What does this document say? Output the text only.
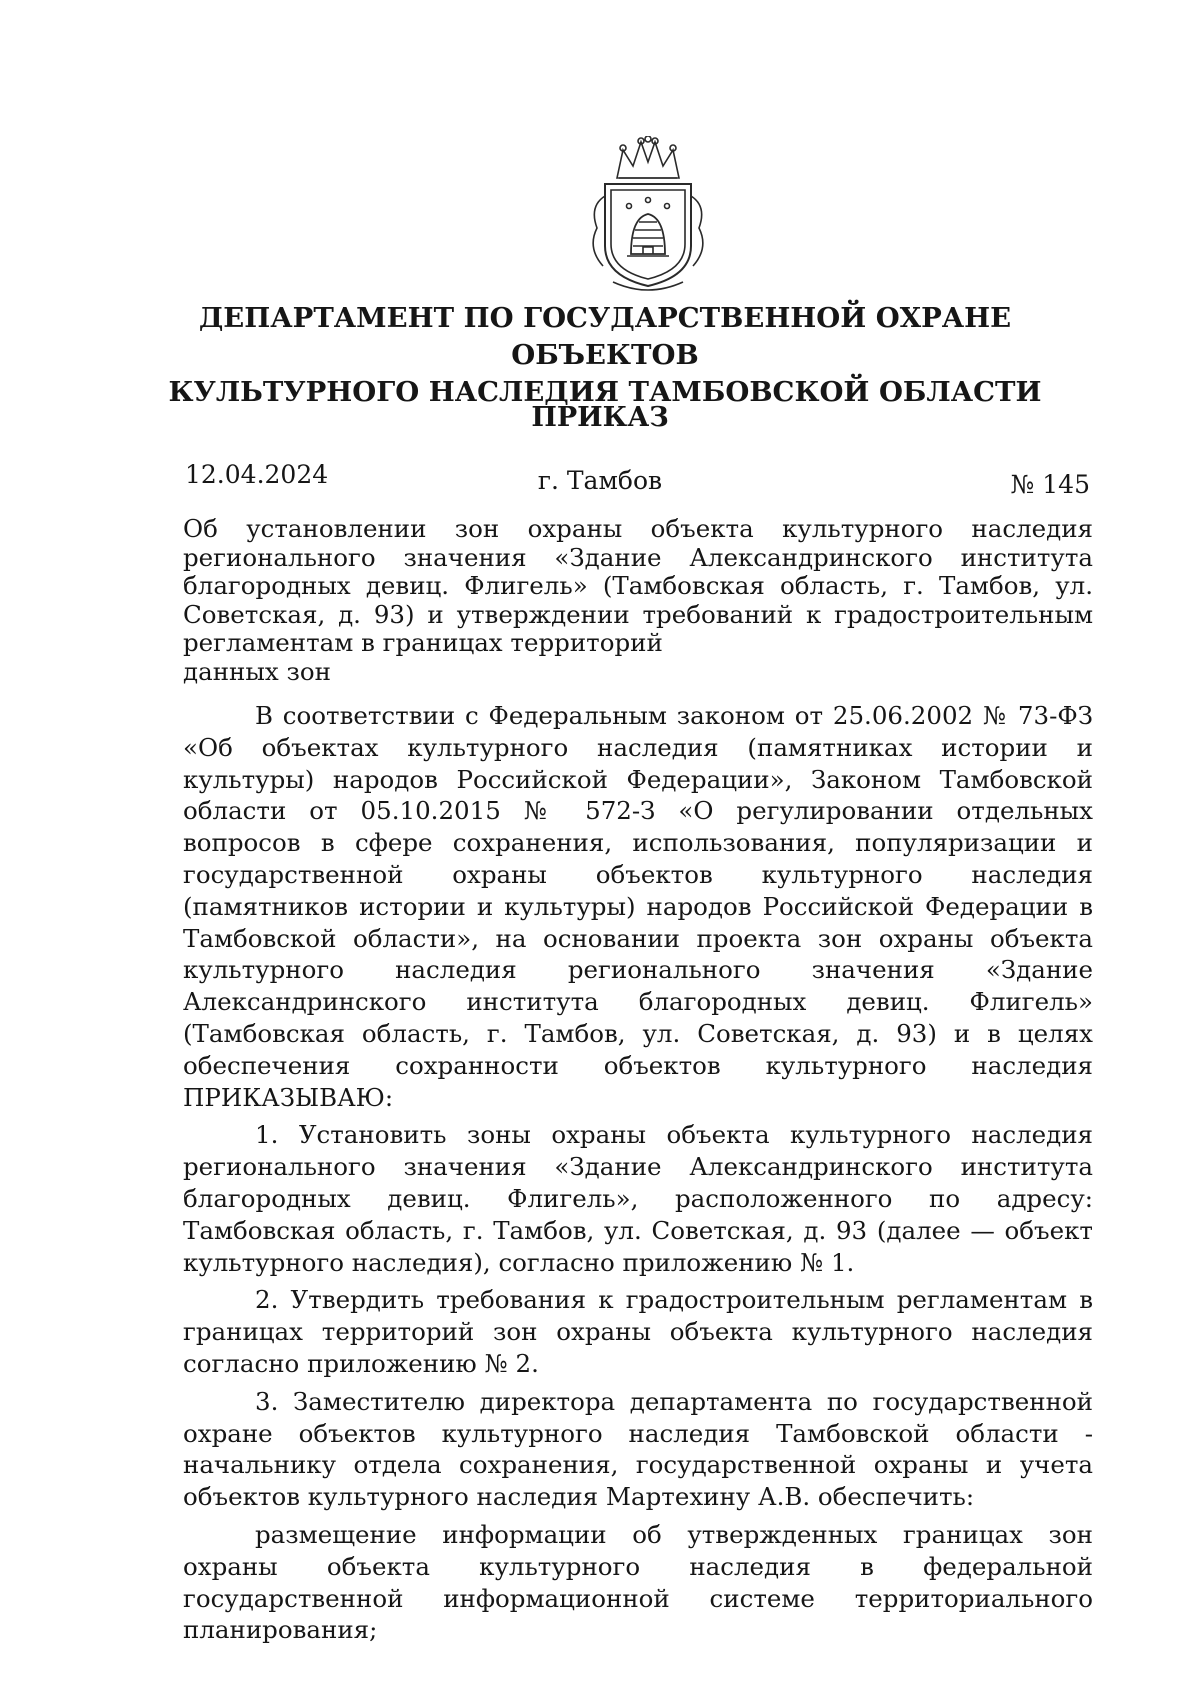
ДЕПАРТАМЕНТ ПО ГОСУДАРСТВЕННОЙ ОХРАНЕ ОБЪЕКТОВ
КУЛЬТУРНОГО НАСЛЕДИЯ ТАМБОВСКОЙ ОБЛАСТИ
ПРИКАЗ
12.04.2024	г. Тамбов	№ 145

Об установлении зон охраны объекта культурного наследия регионального значения «Здание Александринского института благородных девиц. Флигель» (Тамбовская область, г. Тамбов, ул. Советская, д. 93) и утверждении требований к градостроительным регламентам в границах территорий
данных зон

В соответствии с Федеральным законом от 25.06.2002 № 73-ФЗ «Об объектах культурного наследия (памятниках истории и культуры) народов Российской Федерации», Законом Тамбовской области от 05.10.2015 № 572-З «О регулировании отдельных вопросов в сфере сохранения, использования, популяризации и государственной охраны объектов культурного наследия (памятников истории и культуры) народов Российской Федерации в Тамбовской области», на основании проекта зон охраны объекта культурного наследия регионального значения «Здание Александринского института благородных девиц. Флигель» (Тамбовская область, г. Тамбов, ул. Советская, д. 93) и в целях обеспечения сохранности объектов культурного наследия ПРИКАЗЫВАЮ:

1. Установить зоны охраны объекта культурного наследия регионального значения «Здание Александринского института благородных девиц. Флигель», расположенного по адресу: Тамбовская область, г. Тамбов, ул. Советская, д. 93 (далее — объект культурного наследия), согласно приложению № 1.

2. Утвердить требования к градостроительным регламентам в границах территорий зон охраны объекта культурного наследия согласно приложению № 2.

3. Заместителю директора департамента по государственной охране объектов культурного наследия Тамбовской области - начальнику отдела сохранения, государственной охраны и учета объектов культурного наследия Мартехину А.В. обеспечить:

размещение информации об утвержденных границах зон охраны объекта культурного наследия в федеральной государственной информационной системе территориального планирования;
